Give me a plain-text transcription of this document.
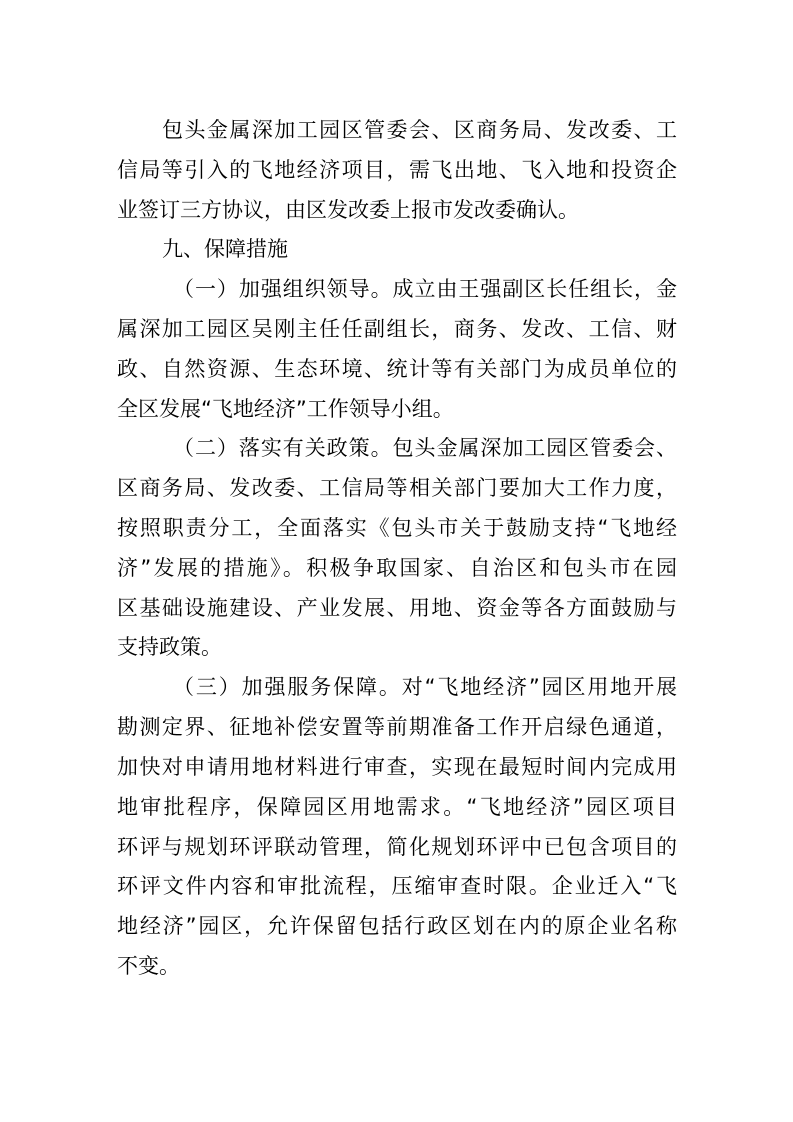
包头金属深加工园区管委会、区商务局、发改委、工
信局等引入的飞地经济项目，需飞出地、飞入地和投资企
业签订三方协议，由区发改委上报市发改委确认。
九、保障措施
（一）加强组织领导。成立由王强副区长任组长，金
属深加工园区吴刚主任任副组长，商务、发改、工信、财
政、自然资源、生态环境、统计等有关部门为成员单位的
全区发展“飞地经济”工作领导小组。
（二）落实有关政策。包头金属深加工园区管委会、
区商务局、发改委、工信局等相关部门要加大工作力度，
按照职责分工，全面落实《包头市关于鼓励支持“飞地经
济”发展的措施》。积极争取国家、自治区和包头市在园
区基础设施建设、产业发展、用地、资金等各方面鼓励与
支持政策。
（三）加强服务保障。对“飞地经济”园区用地开展
勘测定界、征地补偿安置等前期准备工作开启绿色通道，
加快对申请用地材料进行审查，实现在最短时间内完成用
地审批程序，保障园区用地需求。“飞地经济”园区项目
环评与规划环评联动管理，简化规划环评中已包含项目的
环评文件内容和审批流程，压缩审查时限。企业迁入“飞
地经济”园区，允许保留包括行政区划在内的原企业名称
不变。
